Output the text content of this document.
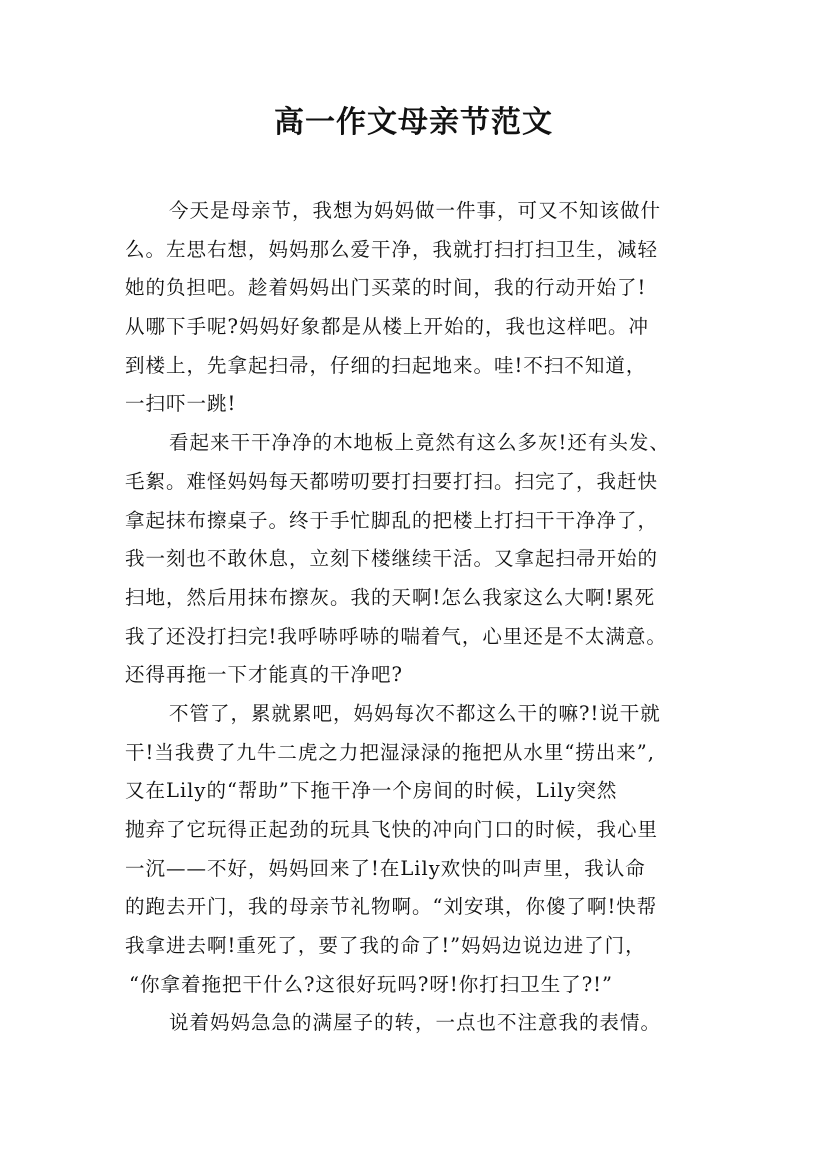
高一作文母亲节范文
今天是母亲节，我想为妈妈做一件事，可又不知该做什
么。左思右想，妈妈那么爱干净，我就打扫打扫卫生，减轻
她的负担吧。趁着妈妈出门买菜的时间，我的行动开始了!
从哪下手呢?妈妈好象都是从楼上开始的，我也这样吧。冲
到楼上，先拿起扫帚，仔细的扫起地来。哇!不扫不知道，
一扫吓一跳!
看起来干干净净的木地板上竟然有这么多灰!还有头发、
毛絮。难怪妈妈每天都唠叨要打扫要打扫。扫完了，我赶快
拿起抹布擦桌子。终于手忙脚乱的把楼上打扫干干净净了，
我一刻也不敢休息，立刻下楼继续干活。又拿起扫帚开始的
扫地，然后用抹布擦灰。我的天啊!怎么我家这么大啊!累死
我了还没打扫完!我呼哧呼哧的喘着气，心里还是不太满意。
还得再拖一下才能真的干净吧?
不管了，累就累吧，妈妈每次不都这么干的嘛?!说干就
干!当我费了九牛二虎之力把湿渌渌的拖把从水里“捞出来”,
又在Lily的“帮助”下拖干净一个房间的时候，Lily突然
抛弃了它玩得正起劲的玩具飞快的冲向门口的时候，我心里
一沉——不好，妈妈回来了!在Lily欢快的叫声里，我认命
的跑去开门，我的母亲节礼物啊。“刘安琪，你傻了啊!快帮
我拿进去啊!重死了，要了我的命了!”妈妈边说边进了门，
“你拿着拖把干什么?这很好玩吗?呀!你打扫卫生了?!”
说着妈妈急急的满屋子的转，一点也不注意我的表情。
